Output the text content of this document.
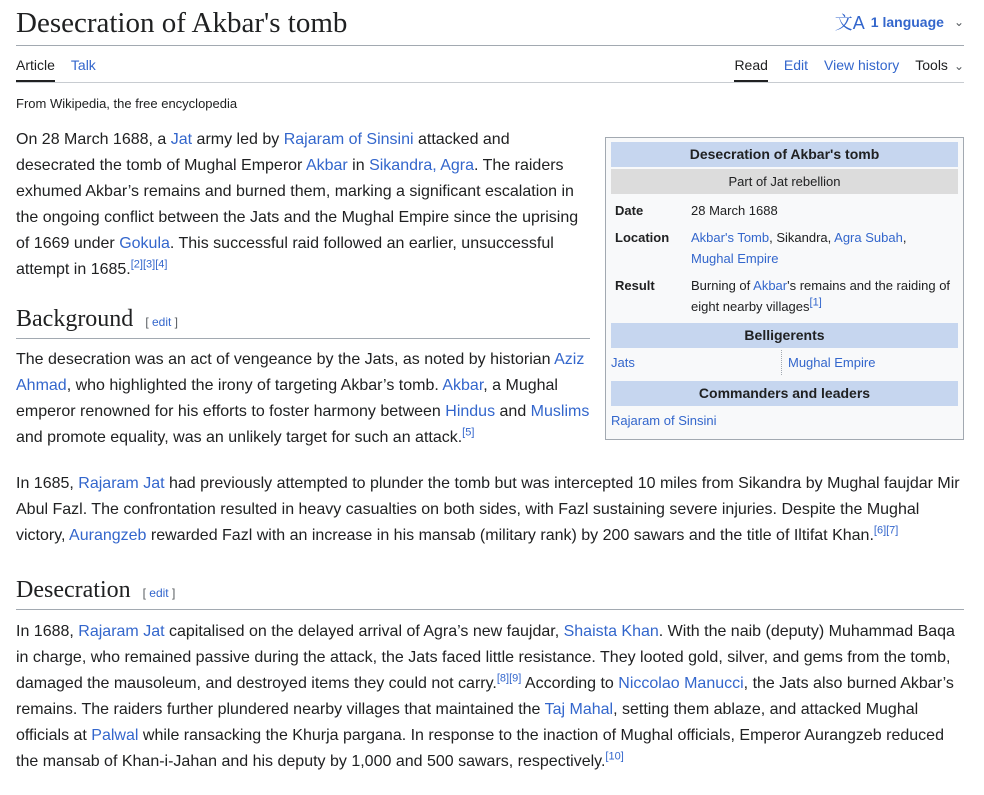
Desecration of Akbar's tomb	文A 1 language ⌄
Article Talk	Read Edit View history Tools ⌄
From Wikipedia, the free encyclopedia

On 28 March 1688, a Jat army led by Rajaram of Sinsini attacked and desecrated the tomb of Mughal Emperor Akbar in Sikandra, Agra. The raiders exhumed Akbar’s remains and burned them, marking a significant escalation in the ongoing conflict between the Jats and the Mughal Empire since the uprising of 1669 under Gokula. This successful raid followed an earlier, unsuccessful attempt in 1685.[2][3][4]

Background [ edit ]

The desecration was an act of vengeance by the Jats, as noted by historian Aziz Ahmad, who highlighted the irony of targeting Akbar’s tomb. Akbar, a Mughal emperor renowned for his efforts to foster harmony between Hindus and Muslims and promote equality, was an unlikely target for such an attack.[5]

In 1685, Rajaram Jat had previously attempted to plunder the tomb but was intercepted 10 miles from Sikandra by Mughal faujdar Mir Abul Fazl. The confrontation resulted in heavy casualties on both sides, with Fazl sustaining severe injuries. Despite the Mughal victory, Aurangzeb rewarded Fazl with an increase in his mansab (military rank) by 200 sawars and the title of Iltifat Khan.[6][7]

Desecration [ edit ]

In 1688, Rajaram Jat capitalised on the delayed arrival of Agra’s new faujdar, Shaista Khan. With the naib (deputy) Muhammad Baqa in charge, who remained passive during the attack, the Jats faced little resistance. They looted gold, silver, and gems from the tomb, damaged the mausoleum, and destroyed items they could not carry.[8][9] According to Niccolao Manucci, the Jats also burned Akbar’s remains. The raiders further plundered nearby villages that maintained the Taj Mahal, setting them ablaze, and attacked Mughal officials at Palwal while ransacking the Khurja pargana. In response to the inaction of Mughal officials, Emperor Aurangzeb reduced the mansab of Khan-i-Jahan and his deputy by 1,000 and 500 sawars, respectively.[10]

Desecration of Akbar's tomb
Part of Jat rebellion
Date	28 March 1688
Location	Akbar's Tomb, Sikandra, Agra Subah,
Mughal Empire
Result	Burning of Akbar's remains and the raiding of eight nearby villages[1]
Belligerents
Jats	Mughal Empire
Commanders and leaders
Rajaram of Sinsini
